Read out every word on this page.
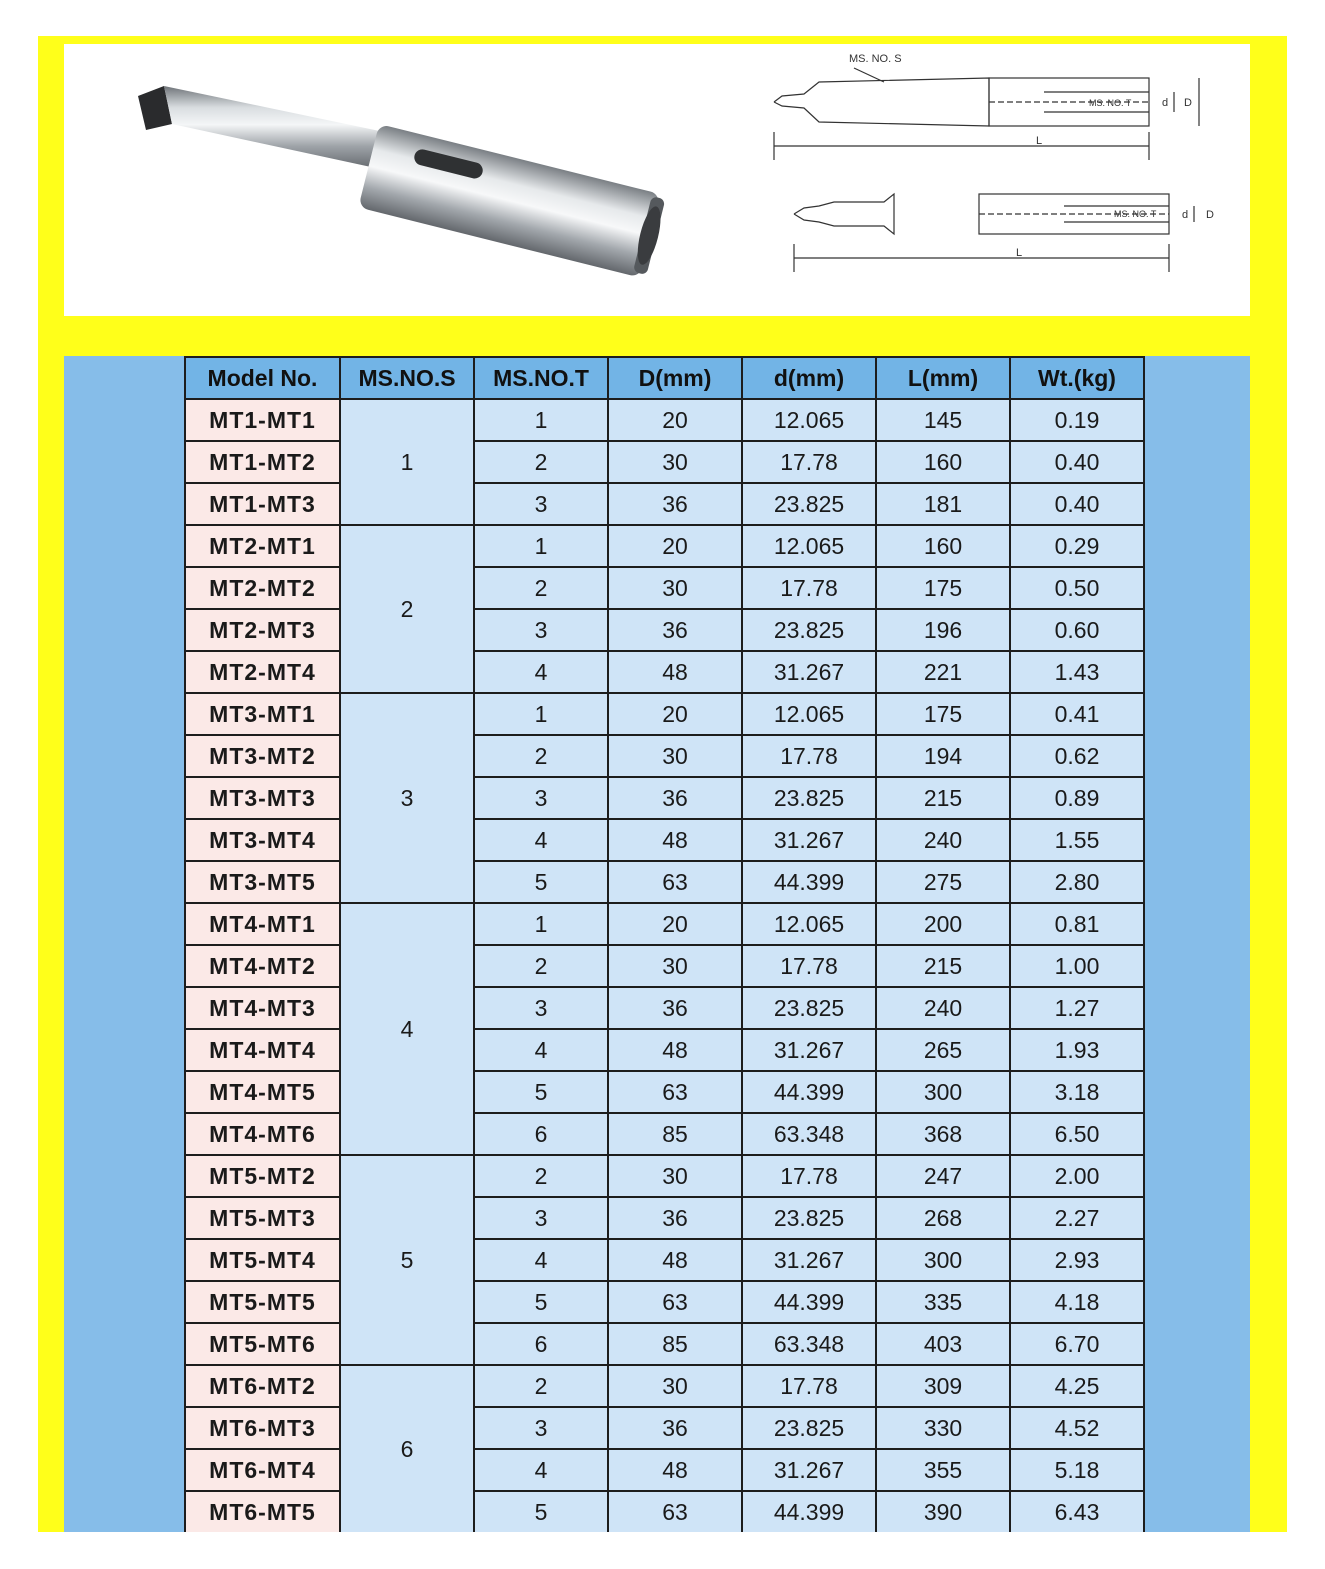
MS. NO. S
MS. NO. T
L
d D
MS. NO. T
L
d D
Model No.	MS.NO.S	MS.NO.T	D(mm)	d(mm)	L(mm)	Wt.(kg)
MT1-MT1	1	1	20	12.065	145	0.19
MT1-MT2		2	30	17.78	160	0.40
MT1-MT3		3	36	23.825	181	0.40
MT2-MT1	2	1	20	12.065	160	0.29
MT2-MT2		2	30	17.78	175	0.50
MT2-MT3		3	36	23.825	196	0.60
MT2-MT4		4	48	31.267	221	1.43
MT3-MT1	3	1	20	12.065	175	0.41
MT3-MT2		2	30	17.78	194	0.62
MT3-MT3		3	36	23.825	215	0.89
MT3-MT4		4	48	31.267	240	1.55
MT3-MT5		5	63	44.399	275	2.80
MT4-MT1	4	1	20	12.065	200	0.81
MT4-MT2		2	30	17.78	215	1.00
MT4-MT3		3	36	23.825	240	1.27
MT4-MT4		4	48	31.267	265	1.93
MT4-MT5		5	63	44.399	300	3.18
MT4-MT6		6	85	63.348	368	6.50
MT5-MT2	5	2	30	17.78	247	2.00
MT5-MT3		3	36	23.825	268	2.27
MT5-MT4		4	48	31.267	300	2.93
MT5-MT5		5	63	44.399	335	4.18
MT5-MT6		6	85	63.348	403	6.70
MT6-MT2	6	2	30	17.78	309	4.25
MT6-MT3		3	36	23.825	330	4.52
MT6-MT4		4	48	31.267	355	5.18
MT6-MT5		5	63	44.399	390	6.43
